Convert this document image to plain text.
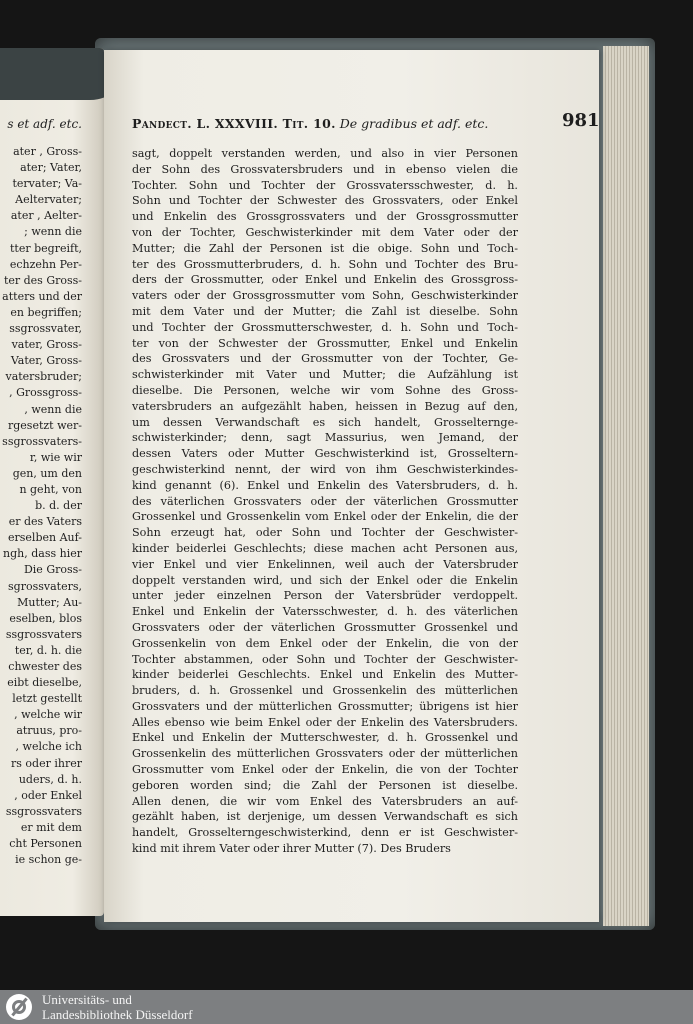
s et adf. etc.
ater , Gross-
ater; Vater,
tervater; Va-
Aeltervater;
ater , Aelter-
; wenn die
tter begreift,
echzehn Per-
ter des Gross-
atters und der
en begriffen;
ssgrossvater,
vater, Gross-
Vater, Gross-
vatersbruder;
, Grossgross-
, wenn die
rgesetzt wer-
ssgrossvaters-
r, wie wir
gen, um den
n geht, von
b. d. der
er des Vaters
erselben Auf-
ngh, dass hier
Die Gross-
sgrossvaters,
Mutter; Au-
eselben, blos
ssgrossvaters
ter, d. h. die
chwester des
eibt dieselbe,
letzt gestellt
, welche wir
atruus, pro-
, welche ich
rs oder ihrer
uders, d. h.
, oder Enkel
ssgrossvaters
er mit dem
cht Personen
ie schon ge-
Pandect. L. XXXVIII. Tit. 10. De gradibus et adf. etc.	981
sagt, doppelt verstanden werden, und also in vier Personen
der Sohn des Grossvatersbruders und in ebenso vielen die
Tochter. Sohn und Tochter der Grossvatersschwester, d. h.
Sohn und Tochter der Schwester des Grossvaters, oder Enkel
und Enkelin des Grossgrossvaters und der Grossgrossmutter
von der Tochter, Geschwisterkinder mit dem Vater oder der
Mutter; die Zahl der Personen ist die obige. Sohn und Toch-
ter des Grossmutterbruders, d. h. Sohn und Tochter des Bru-
ders der Grossmutter, oder Enkel und Enkelin des Grossgross-
vaters oder der Grossgrossmutter vom Sohn, Geschwisterkinder
mit dem Vater und der Mutter; die Zahl ist dieselbe. Sohn
und Tochter der Grossmutterschwester, d. h. Sohn und Toch-
ter von der Schwester der Grossmutter, Enkel und Enkelin
des Grossvaters und der Grossmutter von der Tochter, Ge-
schwisterkinder mit Vater und Mutter; die Aufzählung ist
dieselbe. Die Personen, welche wir vom Sohne des Gross-
vatersbruders an aufgezählt haben, heissen in Bezug auf den,
um dessen Verwandschaft es sich handelt, Grosselternge-
schwisterkinder; denn, sagt Massurius, wen Jemand, der
dessen Vaters oder Mutter Geschwisterkind ist, Grosseltern-
geschwisterkind nennt, der wird von ihm Geschwisterkindes-
kind genannt (6). Enkel und Enkelin des Vatersbruders, d. h.
des väterlichen Grossvaters oder der väterlichen Grossmutter
Grossenkel und Grossenkelin vom Enkel oder der Enkelin, die der
Sohn erzeugt hat, oder Sohn und Tochter der Geschwister-
kinder beiderlei Geschlechts; diese machen acht Personen aus,
vier Enkel und vier Enkelinnen, weil auch der Vatersbruder
doppelt verstanden wird, und sich der Enkel oder die Enkelin
unter jeder einzelnen Person der Vatersbrüder verdoppelt.
Enkel und Enkelin der Vatersschwester, d. h. des väterlichen
Grossvaters oder der väterlichen Grossmutter Grossenkel und
Grossenkelin von dem Enkel oder der Enkelin, die von der
Tochter abstammen, oder Sohn und Tochter der Geschwister-
kinder beiderlei Geschlechts. Enkel und Enkelin des Mutter-
bruders, d. h. Grossenkel und Grossenkelin des mütterlichen
Grossvaters und der mütterlichen Grossmutter; übrigens ist hier
Alles ebenso wie beim Enkel oder der Enkelin des Vatersbruders.
Enkel und Enkelin der Mutterschwester, d. h. Grossenkel und
Grossenkelin des mütterlichen Grossvaters oder der mütterlichen
Grossmutter vom Enkel oder der Enkelin, die von der Tochter
geboren worden sind; die Zahl der Personen ist dieselbe.
Allen denen, die wir vom Enkel des Vatersbruders an auf-
gezählt haben, ist derjenige, um dessen Verwandschaft es sich
handelt, Grosselterngeschwisterkind, denn er ist Geschwister-
kind mit ihrem Vater oder ihrer Mutter (7). Des Bruders
Universitäts- und
Landesbibliothek Düsseldorf
